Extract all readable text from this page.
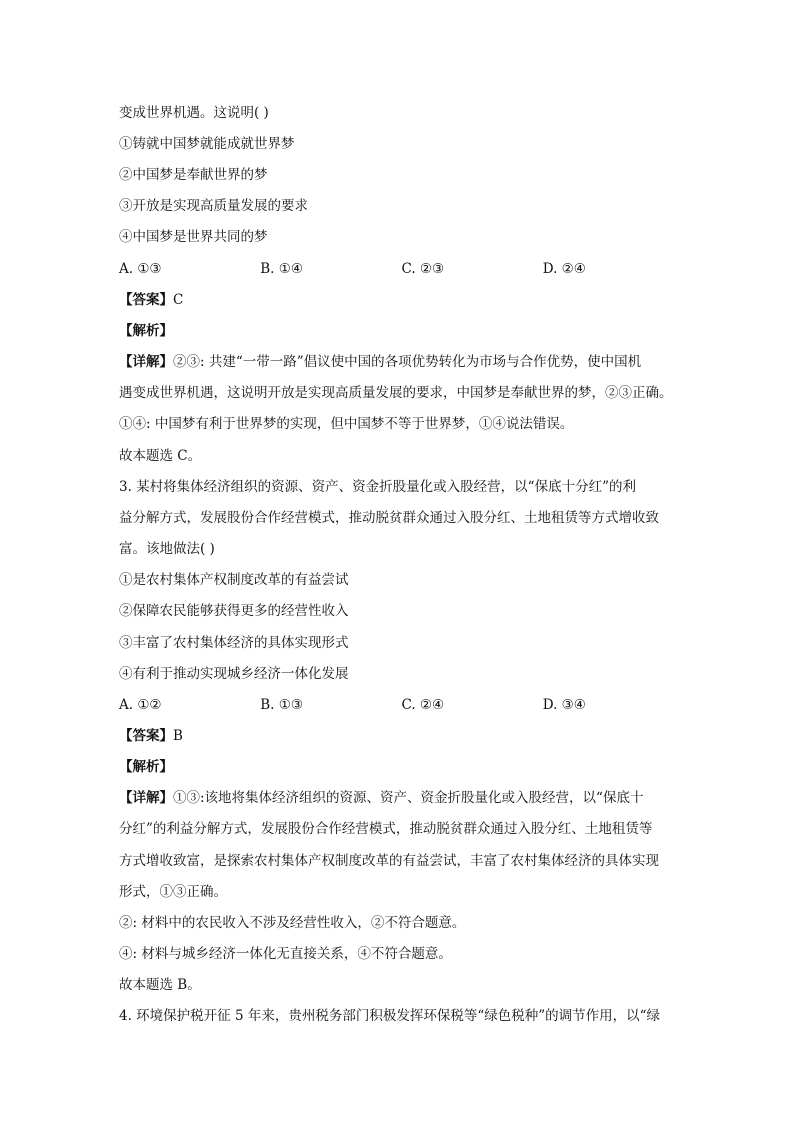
变成世界机遇。这说明( )
①铸就中国梦就能成就世界梦
②中国梦是奉献世界的梦
③开放是实现高质量发展的要求
④中国梦是世界共同的梦
A. ①③	B. ①④	C. ②③	D. ②④
【答案】C
【解析】
【详解】②③: 共建“一带一路”倡议使中国的各项优势转化为市场与合作优势，使中国机
遇变成世界机遇，这说明开放是实现高质量发展的要求，中国梦是奉献世界的梦，②③正确。
①④: 中国梦有利于世界梦的实现，但中国梦不等于世界梦，①④说法错误。
故本题选 C。
3. 某村将集体经济组织的资源、资产、资金折股量化或入股经营，以“保底十分红”的利
益分解方式，发展股份合作经营模式，推动脱贫群众通过入股分红、土地租赁等方式增收致
富。该地做法( )
①是农村集体产权制度改革的有益尝试
②保障农民能够获得更多的经营性收入
③丰富了农村集体经济的具体实现形式
④有利于推动实现城乡经济一体化发展
A. ①②	B. ①③	C. ②④	D. ③④
【答案】B
【解析】
【详解】①③:该地将集体经济组织的资源、资产、资金折股量化或入股经营，以“保底十
分红”的利益分解方式，发展股份合作经营模式，推动脱贫群众通过入股分红、土地租赁等
方式增收致富，是探索农村集体产权制度改革的有益尝试，丰富了农村集体经济的具体实现
形式，①③正确。
②: 材料中的农民收入不涉及经营性收入，②不符合题意。
④: 材料与城乡经济一体化无直接关系，④不符合题意。
故本题选 B。
4. 环境保护税开征 5 年来，贵州税务部门积极发挥环保税等“绿色税种”的调节作用，以“绿
